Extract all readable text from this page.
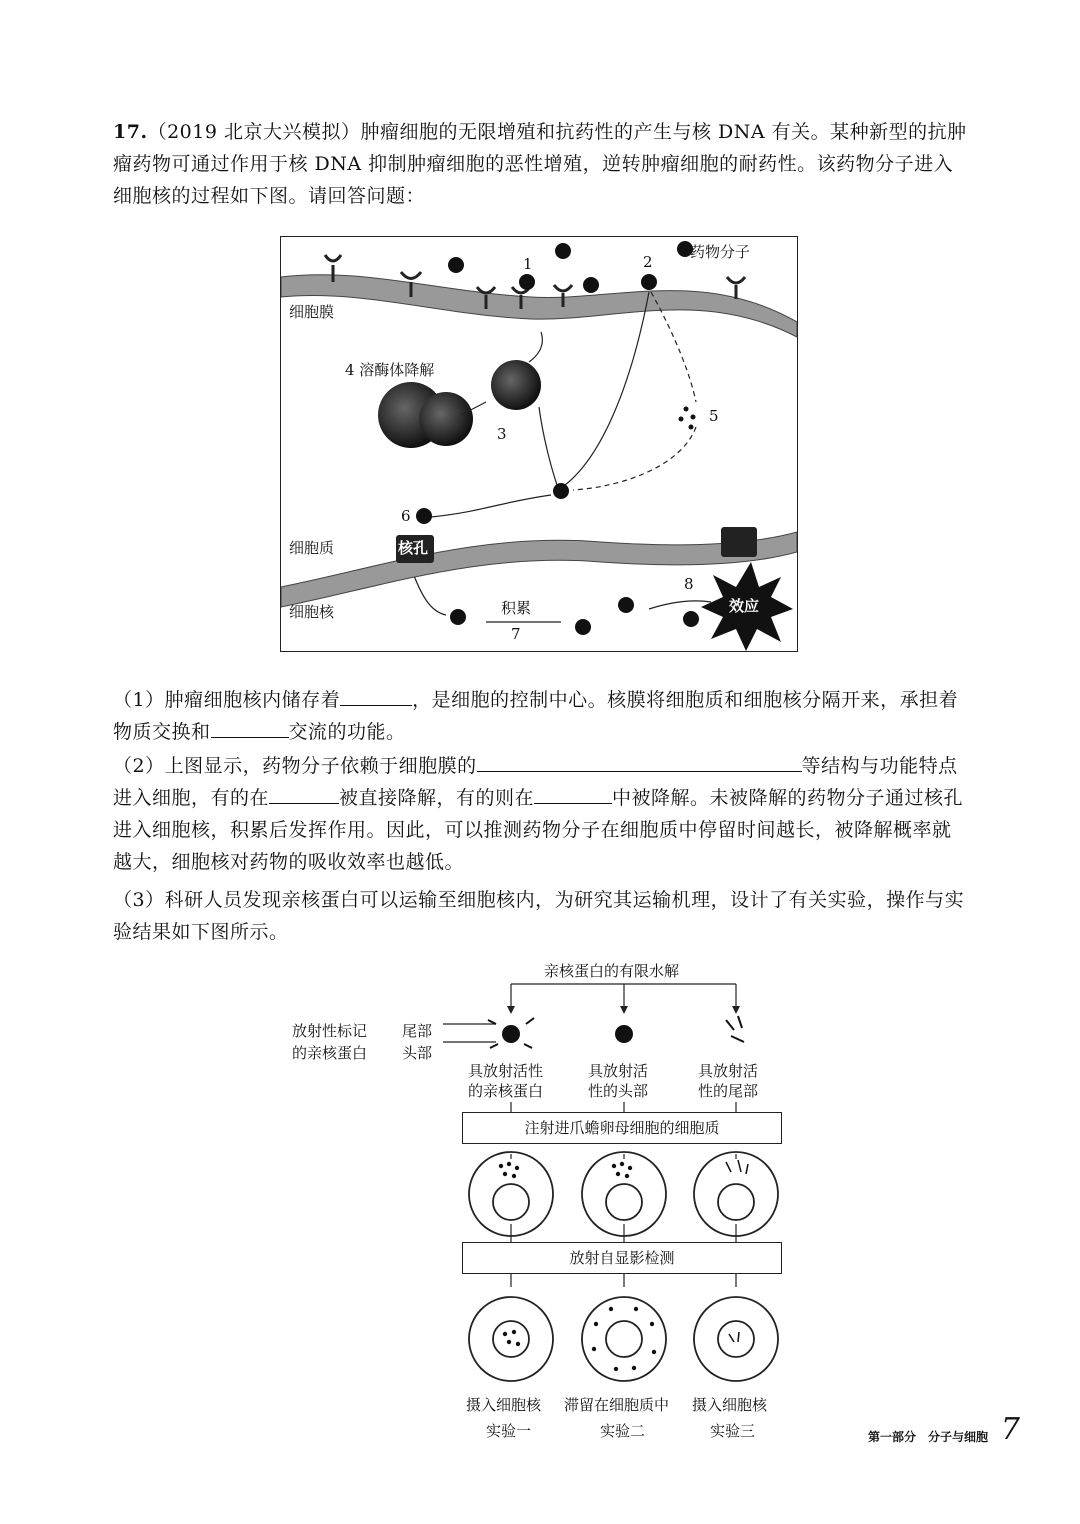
17.（2019 北京大兴模拟）肿瘤细胞的无限增殖和抗药性的产生与核 DNA 有关。某种新型的抗肿瘤药物可通过作用于核 DNA 抑制肿瘤细胞的恶性增殖，逆转肿瘤细胞的耐药性。该药物分子进入细胞核的过程如下图。请回答问题：
药物分子
细胞膜
4 溶酶体降解
细胞质
细胞核
核孔
积累	效应
1	2
3
5
6
7
8
（1）肿瘤细胞核内储存着	，是细胞的控制中心。核膜将细胞质和细胞核分隔开来，承担着物质交换和	交流的功能。
（2）上图显示，药物分子依赖于细胞膜的	等结构与功能特点进入细胞，有的在	被直接降解，有的则在	中被降解。未被降解的药物分子通过核孔进入细胞核，积累后发挥作用。因此，可以推测药物分子在细胞质中停留时间越长，被降解概率就越大，细胞核对药物的吸收效率也越低。
（3）科研人员发现亲核蛋白可以运输至细胞核内，为研究其运输机理，设计了有关实验，操作与实验结果如下图所示。
亲核蛋白的有限水解
放射性标记
的亲核蛋白
尾部
头部
具放射活性
的亲核蛋白
具放射活
性的头部
具放射活
性的尾部
注射进爪蟾卵母细胞的细胞质
放射自显影检测
摄入细胞核 滞留在细胞质中 摄入细胞核
实验一	实验二	实验三	第一部分　分子与细胞 7
